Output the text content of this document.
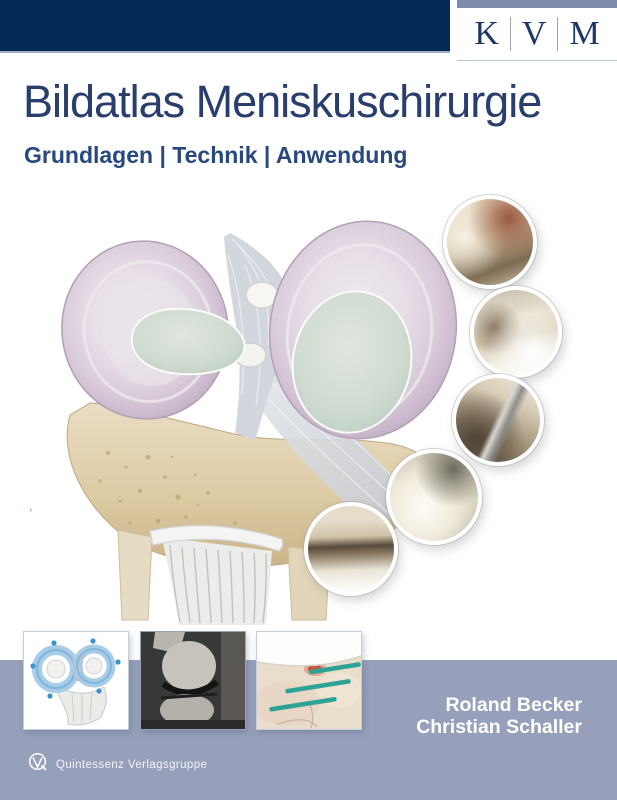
K V M
Bildatlas Meniskuschirurgie
Grundlagen | Technik | Anwendung
Roland Becker
Christian Schaller
Quintessenz Verlagsgruppe
